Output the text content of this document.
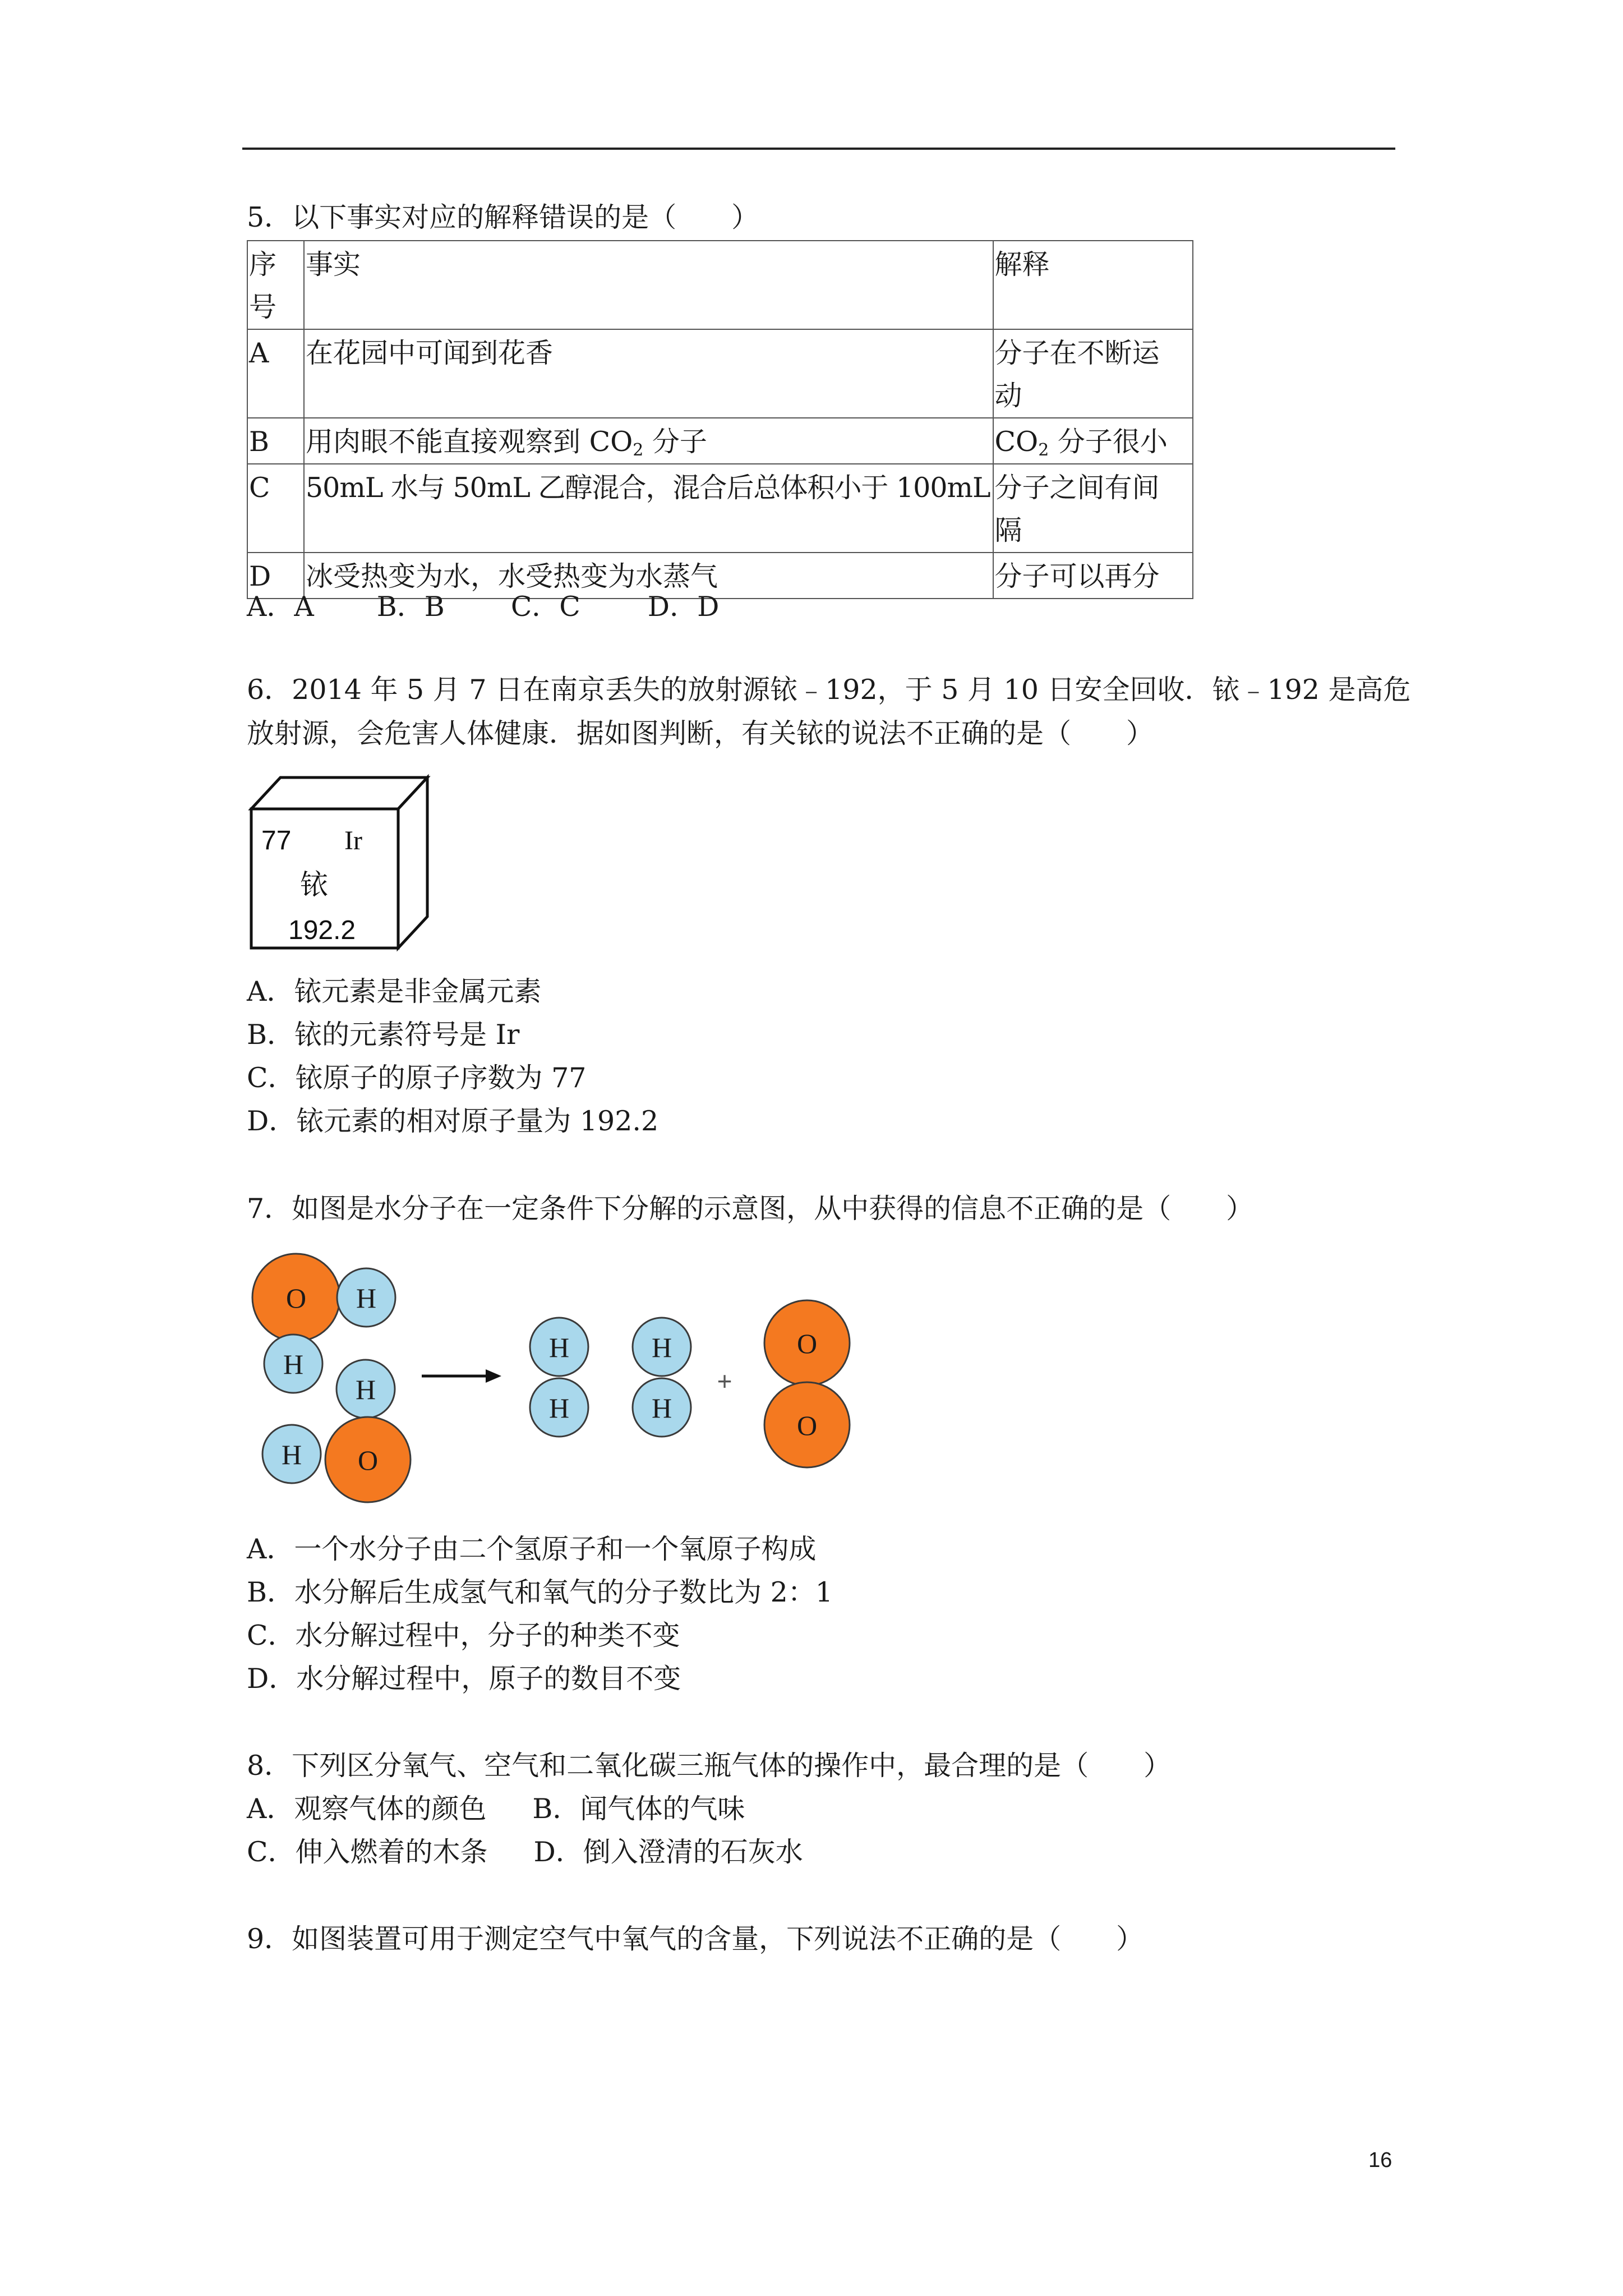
5．以下事实对应的解释错误的是（　　）
序号	事实	解释
A	在花园中可闻到花香	分子在不断运动

B	用肉眼不能直接观察到 $CO_2$ 分子	$CO_2$ 分子很小
C	50mL 水与 50mL 乙醇混合，混合后总体积小于 100mL	分子之间有间隔

D	冰受热变为水，水受热变为水蒸气	分子可以再分
A．A B．B C．C D．D
6．2014 年 5 月 7 日在南京丢失的放射源铱﹣192，于 5 月 10 日安全回收．铱﹣192 是高危
放射源，会危害人体健康．据如图判断，有关铱的说法不正确的是（　　）
77 Ir
铱
192.2
A．铱元素是非金属元素
B．铱的元素符号是 Ir
C．铱原子的原子序数为 77
D．铱元素的相对原子量为 192.2
7．如图是水分子在一定条件下分解的示意图，从中获得的信息不正确的是（　　）
O H
H
H
H O
H
H
H
H
O
O
+
A．一个水分子由二个氢原子和一个氧原子构成
B．水分解后生成氢气和氧气的分子数比为 2：1
C．水分解过程中，分子的种类不变
D．水分解过程中，原子的数目不变
8．下列区分氧气、空气和二氧化碳三瓶气体的操作中，最合理的是（　　）
A．观察气体的颜色 B．闻气体的气味
C．伸入燃着的木条 D．倒入澄清的石灰水
9．如图装置可用于测定空气中氧气的含量，下列说法不正确的是（　　）
16
